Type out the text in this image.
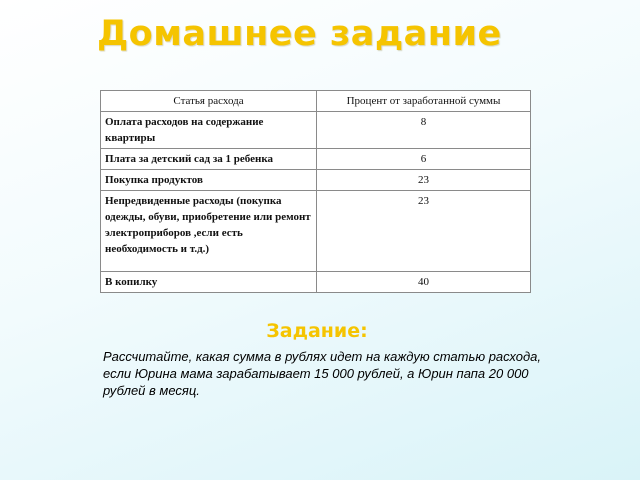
Домашнее задание
Статья расхода	Процент от заработанной суммы
Оплата расходов на содержание квартиры	8
Плата за детский сад за 1 ребенка	6
Покупка продуктов	23
Непредвиденные расходы (покупка одежды, обуви, приобретение или ремонт электроприборов ,если есть необходимость и т.д.)	23
В копилку	40
Задание:
Рассчитайте, какая сумма в рублях идет на каждую статью расхода, если Юрина мама зарабатывает 15 000 рублей, а Юрин папа 20 000 рублей в месяц.
